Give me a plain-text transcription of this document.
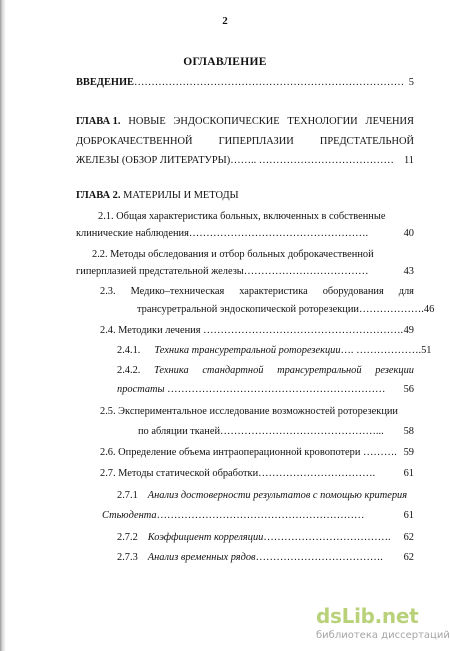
2
ОГЛАВЛЕНИЕ
ВВЕДЕНИЕ…………………………………………………………………… 5
ГЛАВА 1. НОВЫЕ ЭНДОСКОПИЧЕСКИЕ ТЕХНОЛОГИИ ЛЕЧЕНИЯ
ДОБРОКАЧЕСТВЕННОЙ	ГИПЕРПЛАЗИИ	ПРЕДСТАТЕЛЬНОЙ
ЖЕЛЕЗЫ (ОБЗОР ЛИТЕРАТУРЫ)…….. ………………………………… 11
ГЛАВА 2. МАТЕРИЛЫ И МЕТОДЫ
2.1. Общая характеристика больных, включенных в собственные
клинические наблюдения…………………………………………….	40
2.2. Методы обследования и отбор больных доброкачественной
гиперплазией предстательной железы………………………………	43
2.3. Медико–техническая характеристика оборудования для
трансуретральной эндоскопической роторезекции………………. 46
2.4. Методики лечения …………………………………………………. 49
2.4.1. Техника трансуретральной роторезекции…. ………………. 51
2.4.2. Техника стандартной трансуретральной резекции
простаты ……………………………………………………… 56
2.5. Экспериментальное исследование возможностей роторезекции
по абляции тканей………………………………………... 58
2.6. Определение объема интраоперационной кровопотери ………. 59
2.7. Методы статической обработки…………………………….	61
2.7.1 Анализ достоверности результатов с помощью критерия
Стьюдента……………………………………………………	61
2.7.2 Коэффициент корреляции………………………………. 62
2.7.3 Анализ временных рядов………………………………. 62
dsLib.net
библиотека диссертаций
